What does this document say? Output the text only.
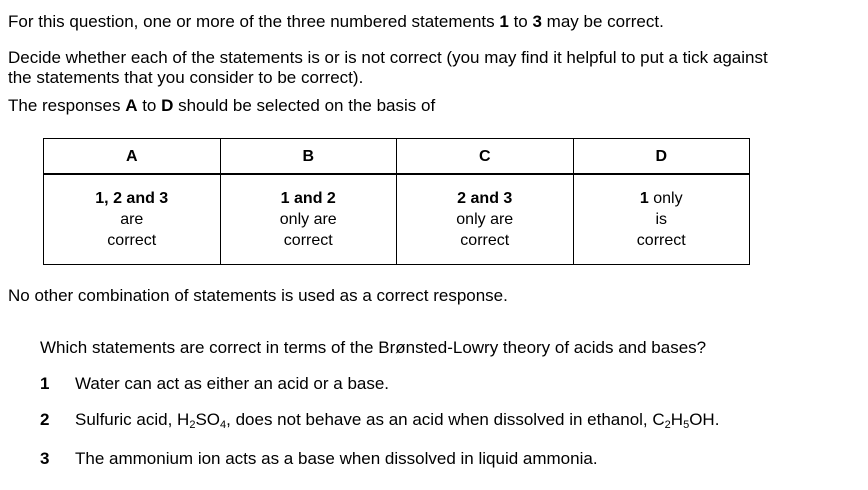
For this question, one or more of the three numbered statements 1 to 3 may be correct.
Decide whether each of the statements is or is not correct (you may find it helpful to put a tick against
the statements that you consider to be correct).
The responses A to D should be selected on the basis of
A	B	C	D

1, 2 and 3
are
correct	1 and 2
only are
correct	2 and 3
only are
correct	1 only
is
correct
No other combination of statements is used as a correct response.
Which statements are correct in terms of the Brønsted-Lowry theory of acids and bases?
1 Water can act as either an acid or a base.
2 Sulfuric acid, $H_2SO_4$, does not behave as an acid when dissolved in ethanol, $C_2H_5OH$.
3 The ammonium ion acts as a base when dissolved in liquid ammonia.
